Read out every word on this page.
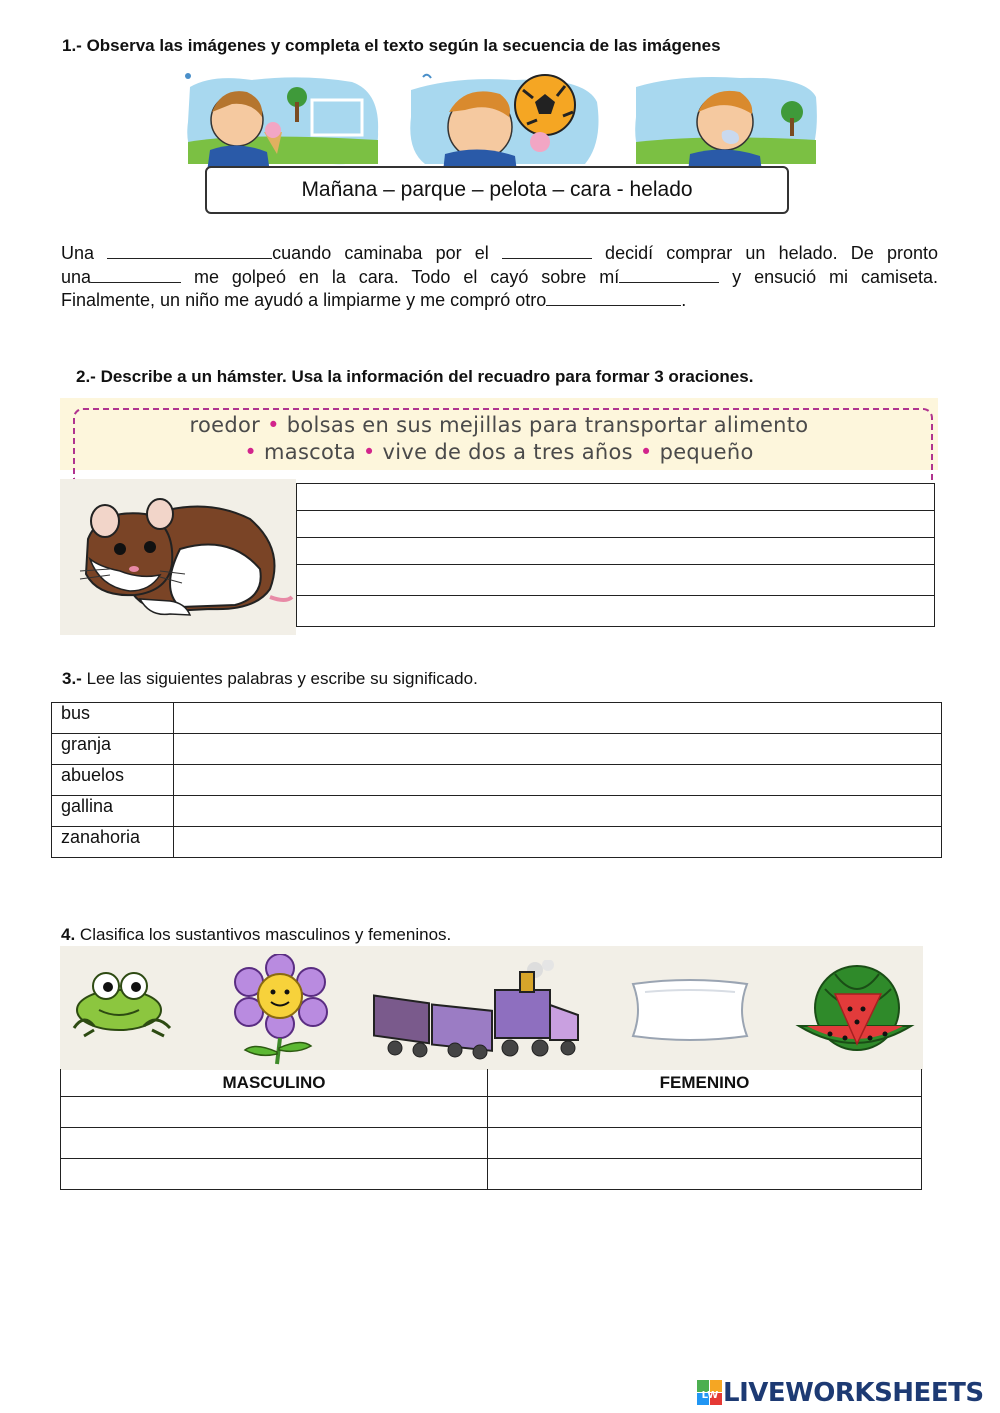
1.- Observa las imágenes y completa el texto según la secuencia de las imágenes
Mañana – parque – pelota – cara - helado
Una	cuando caminaba por el	decidí comprar un helado. De pronto
una	me golpeó en la cara. Todo el cayó sobre mí	y ensució mi camiseta.
Finalmente, un niño me ayudó a limpiarme y me compró otro	.
2.- Describe a un hámster. Usa la información del recuadro para formar 3 oraciones.
roedor • bolsas en sus mejillas para transportar alimento
• mascota • vive de dos a tres años • pequeño

3.- Lee las siguientes palabras y escribe su significado.
bus	
granja	
abuelos	
gallina	
zanahoria	
4. Clasifica los sustantivos masculinos y femeninos.
MASCULINO	FEMENINO

LW LIVEWORKSHEETS
